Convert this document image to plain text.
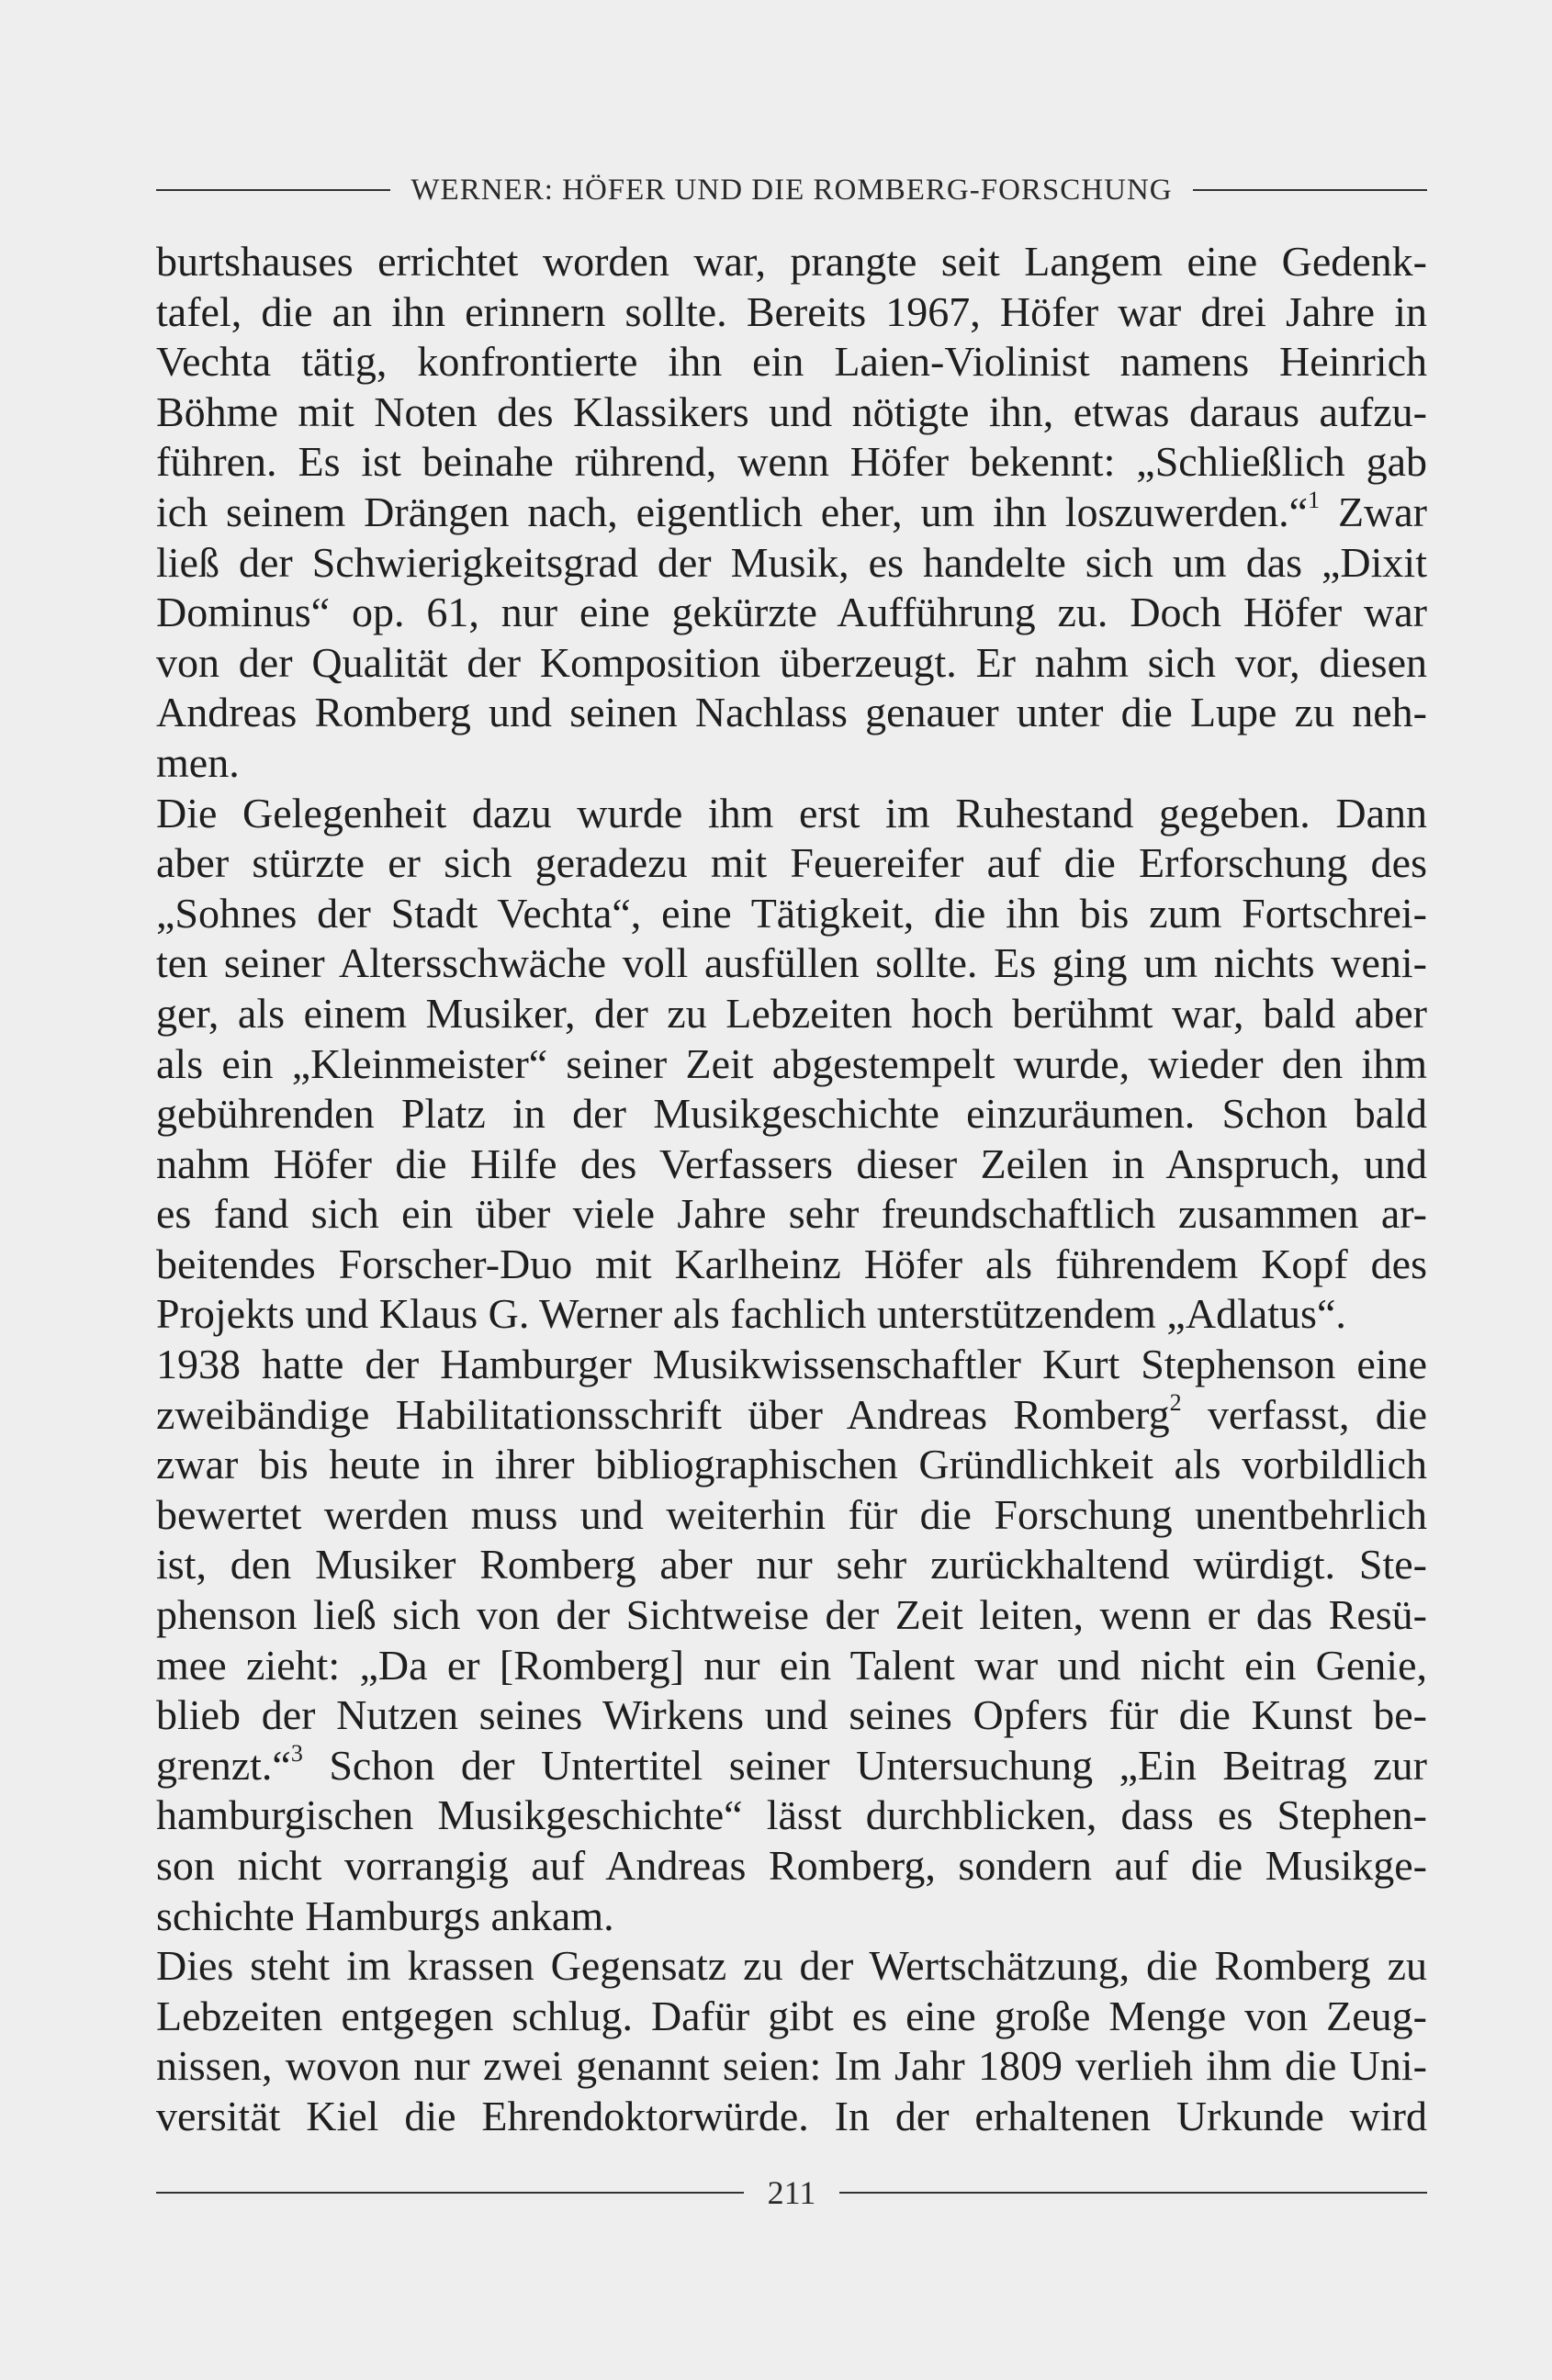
WERNER: HÖFER UND DIE ROMBERG-FORSCHUNG
burtshauses errichtet worden war, prangte seit Langem eine Gedenk-
tafel, die an ihn erinnern sollte. Bereits 1967, Höfer war drei Jahre in
Vechta tätig, konfrontierte ihn ein Laien-Violinist namens Heinrich
Böhme mit Noten des Klassikers und nötigte ihn, etwas daraus aufzu-
führen. Es ist beinahe rührend, wenn Höfer bekennt: „Schließlich gab
ich seinem Drängen nach, eigentlich eher, um ihn loszuwerden.“$^1$ Zwar
ließ der Schwierigkeitsgrad der Musik, es handelte sich um das „Dixit
Dominus“ op. 61, nur eine gekürzte Aufführung zu. Doch Höfer war
von der Qualität der Komposition überzeugt. Er nahm sich vor, diesen
Andreas Romberg und seinen Nachlass genauer unter die Lupe zu neh-
men.
Die Gelegenheit dazu wurde ihm erst im Ruhestand gegeben. Dann
aber stürzte er sich geradezu mit Feuereifer auf die Erforschung des
„Sohnes der Stadt Vechta“, eine Tätigkeit, die ihn bis zum Fortschrei-
ten seiner Altersschwäche voll ausfüllen sollte. Es ging um nichts weni-
ger, als einem Musiker, der zu Lebzeiten hoch berühmt war, bald aber
als ein „Kleinmeister“ seiner Zeit abgestempelt wurde, wieder den ihm
gebührenden Platz in der Musikgeschichte einzuräumen. Schon bald
nahm Höfer die Hilfe des Verfassers dieser Zeilen in Anspruch, und
es fand sich ein über viele Jahre sehr freundschaftlich zusammen ar-
beitendes Forscher-Duo mit Karlheinz Höfer als führendem Kopf des
Projekts und Klaus G. Werner als fachlich unterstützendem „Adlatus“.
1938 hatte der Hamburger Musikwissenschaftler Kurt Stephenson eine
zweibändige Habilitationsschrift über Andreas Romberg$^2$ verfasst, die
zwar bis heute in ihrer bibliographischen Gründlichkeit als vorbildlich
bewertet werden muss und weiterhin für die Forschung unentbehrlich
ist, den Musiker Romberg aber nur sehr zurückhaltend würdigt. Ste-
phenson ließ sich von der Sichtweise der Zeit leiten, wenn er das Resü-
mee zieht: „Da er [Romberg] nur ein Talent war und nicht ein Genie,
blieb der Nutzen seines Wirkens und seines Opfers für die Kunst be-
grenzt.“$^3$ Schon der Untertitel seiner Untersuchung „Ein Beitrag zur
hamburgischen Musikgeschichte“ lässt durchblicken, dass es Stephen-
son nicht vorrangig auf Andreas Romberg, sondern auf die Musikge-
schichte Hamburgs ankam.
Dies steht im krassen Gegensatz zu der Wertschätzung, die Romberg zu
Lebzeiten entgegen schlug. Dafür gibt es eine große Menge von Zeug-
nissen, wovon nur zwei genannt seien: Im Jahr 1809 verlieh ihm die Uni-
versität Kiel die Ehrendoktorwürde. In der erhaltenen Urkunde wird
211
